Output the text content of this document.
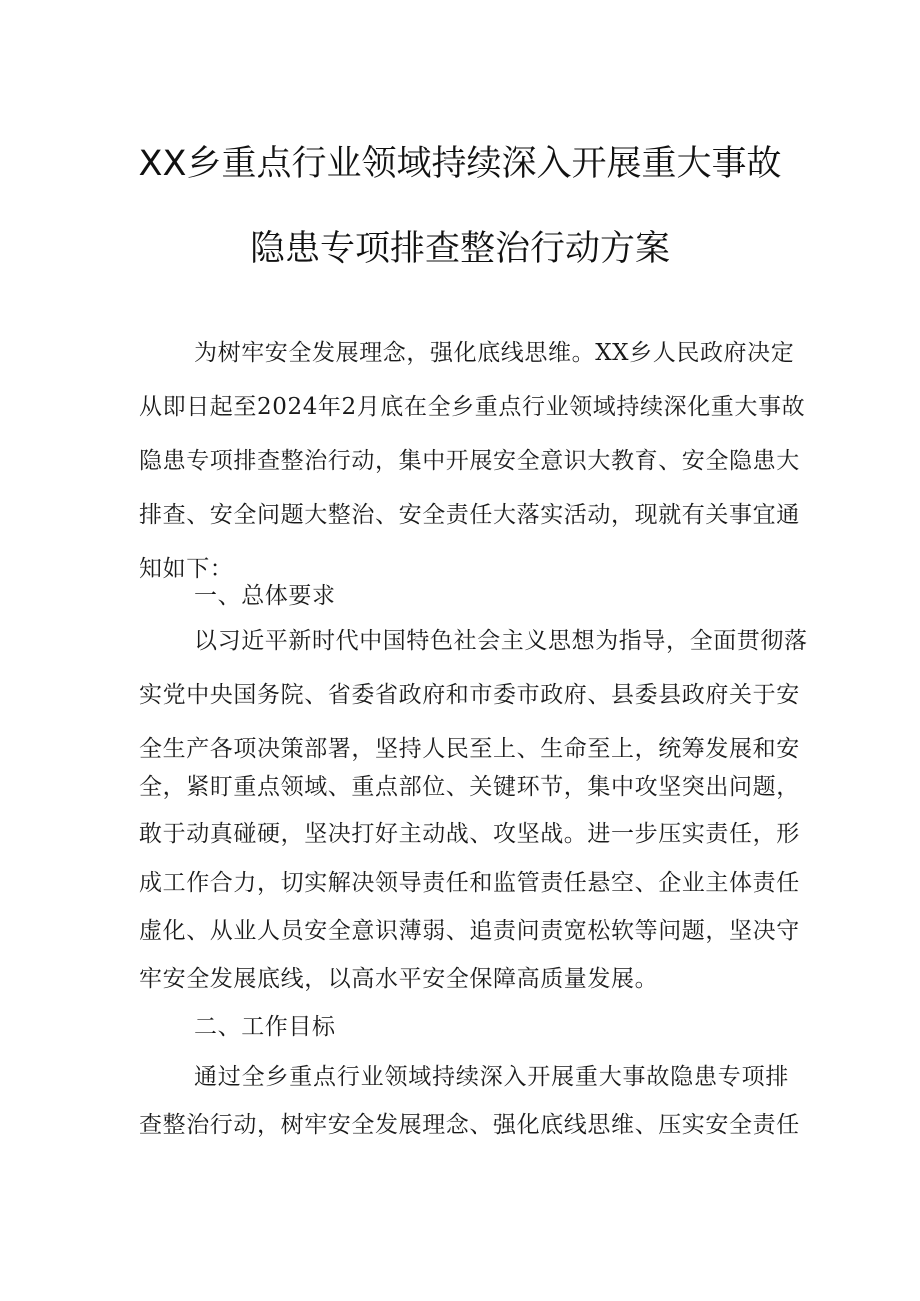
XX乡重点行业领域持续深入开展重大事故
隐患专项排查整治行动方案
为树牢安全发展理念，强化底线思维。XX乡人民政府决定
从即日起至2024年2月底在全乡重点行业领域持续深化重大事故
隐患专项排查整治行动，集中开展安全意识大教育、安全隐患大
排查、安全问题大整治、安全责任大落实活动，现就有关事宜通
知如下：
一、总体要求
以习近平新时代中国特色社会主义思想为指导，全面贯彻落
实党中央国务院、省委省政府和市委市政府、县委县政府关于安
全生产各项决策部署，坚持人民至上、生命至上，统筹发展和安
全，紧盯重点领域、重点部位、关键环节，集中攻坚突出问题，
敢于动真碰硬，坚决打好主动战、攻坚战。进一步压实责任，形
成工作合力，切实解决领导责任和监管责任悬空、企业主体责任
虚化、从业人员安全意识薄弱、追责问责宽松软等问题，坚决守
牢安全发展底线，以高水平安全保障高质量发展。
二、工作目标
通过全乡重点行业领域持续深入开展重大事故隐患专项排
查整治行动，树牢安全发展理念、强化底线思维、压实安全责任
